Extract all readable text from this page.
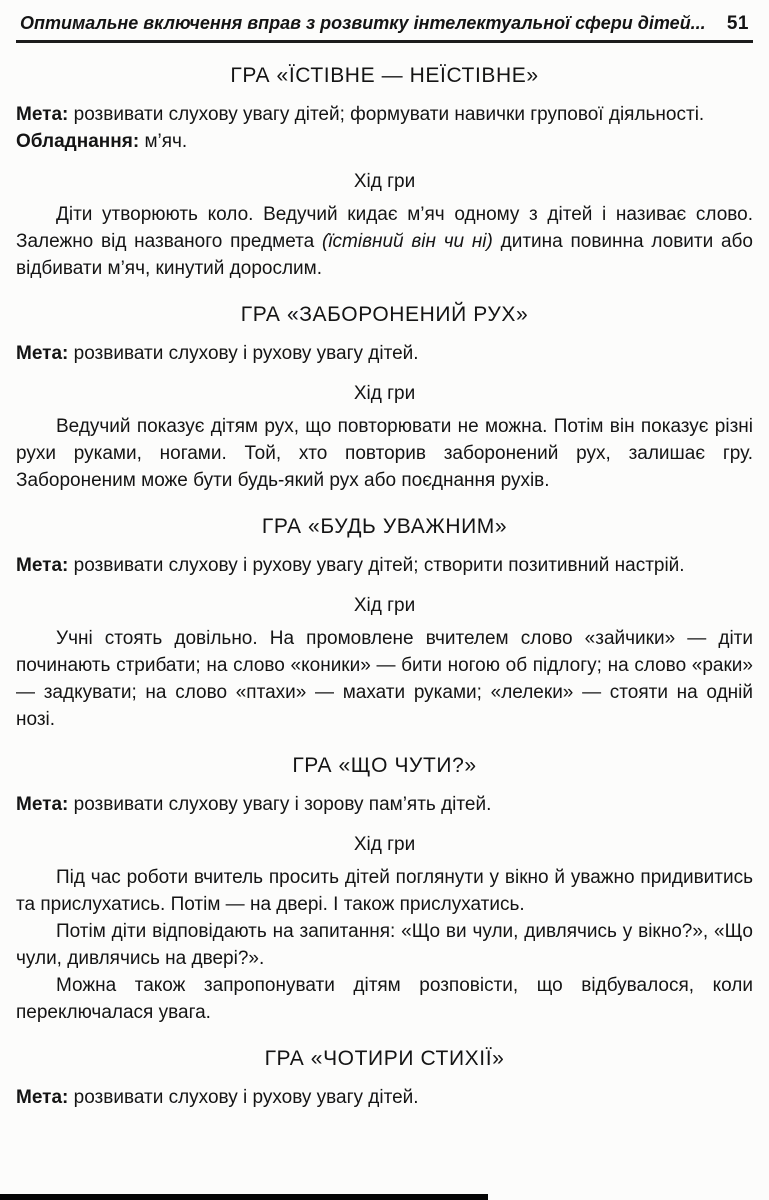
Оптимальне включення вправ з розвитку інтелектуальної сфери дітей... 51
ГРА «ЇСТІВНЕ — НЕЇСТІВНЕ»

Мета: розвивати слухову увагу дітей; формувати навички групової діяльності.

Обладнання: м’яч.

Хід гри

Діти утворюють коло. Ведучий кидає м’яч одному з дітей і називає слово. Залежно від названого предмета (їстівний він чи ні) дитина повинна ловити або відбивати м’яч, кинутий дорослим.

ГРА «ЗАБОРОНЕНИЙ РУХ»

Мета: розвивати слухову і рухову увагу дітей.

Хід гри

Ведучий показує дітям рух, що повторювати не можна. Потім він показує різні рухи руками, ногами. Той, хто повторив заборонений рух, залишає гру. Забороненим може бути будь-який рух або поєднання рухів.

ГРА «БУДЬ УВАЖНИМ»

Мета: розвивати слухову і рухову увагу дітей; створити позитивний настрій.

Хід гри

Учні стоять довільно. На промовлене вчителем слово «зайчики» — діти починають стрибати; на слово «коники» — бити ногою об підлогу; на слово «раки» — задкувати; на слово «птахи» — махати руками; «лелеки» — стояти на одній нозі.

ГРА «ЩО ЧУТИ?»

Мета: розвивати слухову увагу і зорову пам’ять дітей.

Хід гри

Під час роботи вчитель просить дітей поглянути у вікно й уважно придивитись та прислухатись. Потім — на двері. І також прислухатись.

Потім діти відповідають на запитання: «Що ви чули, дивлячись у вікно?», «Що чули, дивлячись на двері?».

Можна також запропонувати дітям розповісти, що відбувалося, коли переключалася увага.

ГРА «ЧОТИРИ СТИХІЇ»

Мета: розвивати слухову і рухову увагу дітей.
